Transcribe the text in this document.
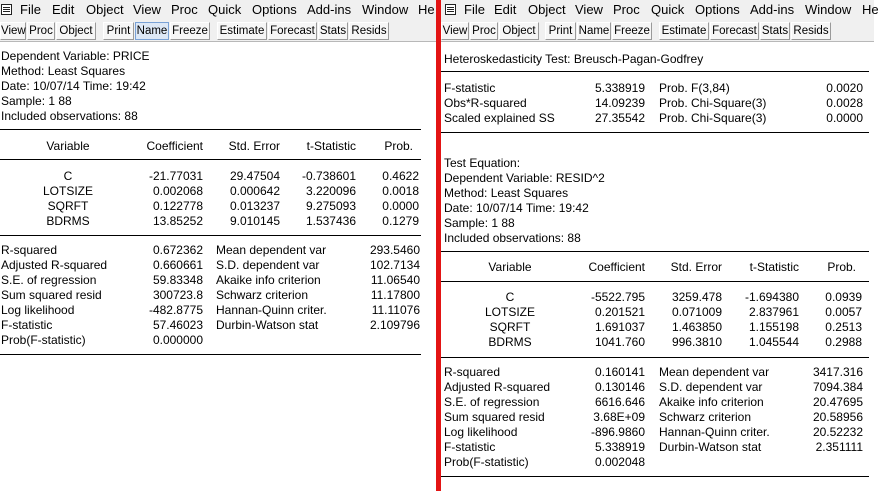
File Edit Object View Proc Quick Options Add-ins Window He
View Proc Object	Print Name Freeze Estimate Forecast Stats Resids
Dependent Variable: PRICE
Method: Least Squares
Date: 10/07/14 Time: 19:42
Sample: 1 88
Included observations: 88
Variable	Coefficient	Std. Error	t-Statistic	Prob.
C	-21.77031	29.47504	-0.738601	0.4622
LOTSIZE	0.002068	0.000642	3.220096	0.0018
SQRFT	0.122778	0.013237	9.275093	0.0000
BDRMS	13.85252	9.010145	1.537436	0.1279
R-squared	0.672362 Mean dependent var	293.5460
Adjusted R-squared	0.660661 S.D. dependent var	102.7134
S.E. of regression	59.83348 Akaike info criterion	11.06540
Sum squared resid	300723.8 Schwarz criterion	11.17800
Log likelihood	-482.8775 Hannan-Quinn criter.	11.11076
F-statistic	57.46023 Durbin-Watson stat	2.109796
Prob(F-statistic)	0.000000
File Edit Object View Proc Quick Options Add-ins Window He
View Proc Object	Print Name Freeze Estimate Forecast Stats Resids
Heteroskedasticity Test: Breusch-Pagan-Godfrey
F-statistic	5.338919 Prob. F(3,84)	0.0020
Obs*R-squared	14.09239 Prob. Chi-Square(3)	0.0028
Scaled explained SS	27.35542 Prob. Chi-Square(3)	0.0000
Test Equation:
Dependent Variable: RESID^2
Method: Least Squares
Date: 10/07/14 Time: 19:42
Sample: 1 88
Included observations: 88
Variable	Coefficient	Std. Error	t-Statistic	Prob.
C	-5522.795	3259.478	-1.694380	0.0939
LOTSIZE	0.201521	0.071009	2.837961	0.0057
SQRFT	1.691037	1.463850	1.155198	0.2513
BDRMS	1041.760	996.3810	1.045544	0.2988
R-squared	0.160141 Mean dependent var	3417.316
Adjusted R-squared	0.130146 S.D. dependent var	7094.384
S.E. of regression	6616.646 Akaike info criterion	20.47695
Sum squared resid	3.68E+09 Schwarz criterion	20.58956
Log likelihood	-896.9860 Hannan-Quinn criter.	20.52232
F-statistic	5.338919 Durbin-Watson stat	2.351111
Prob(F-statistic)	0.002048
